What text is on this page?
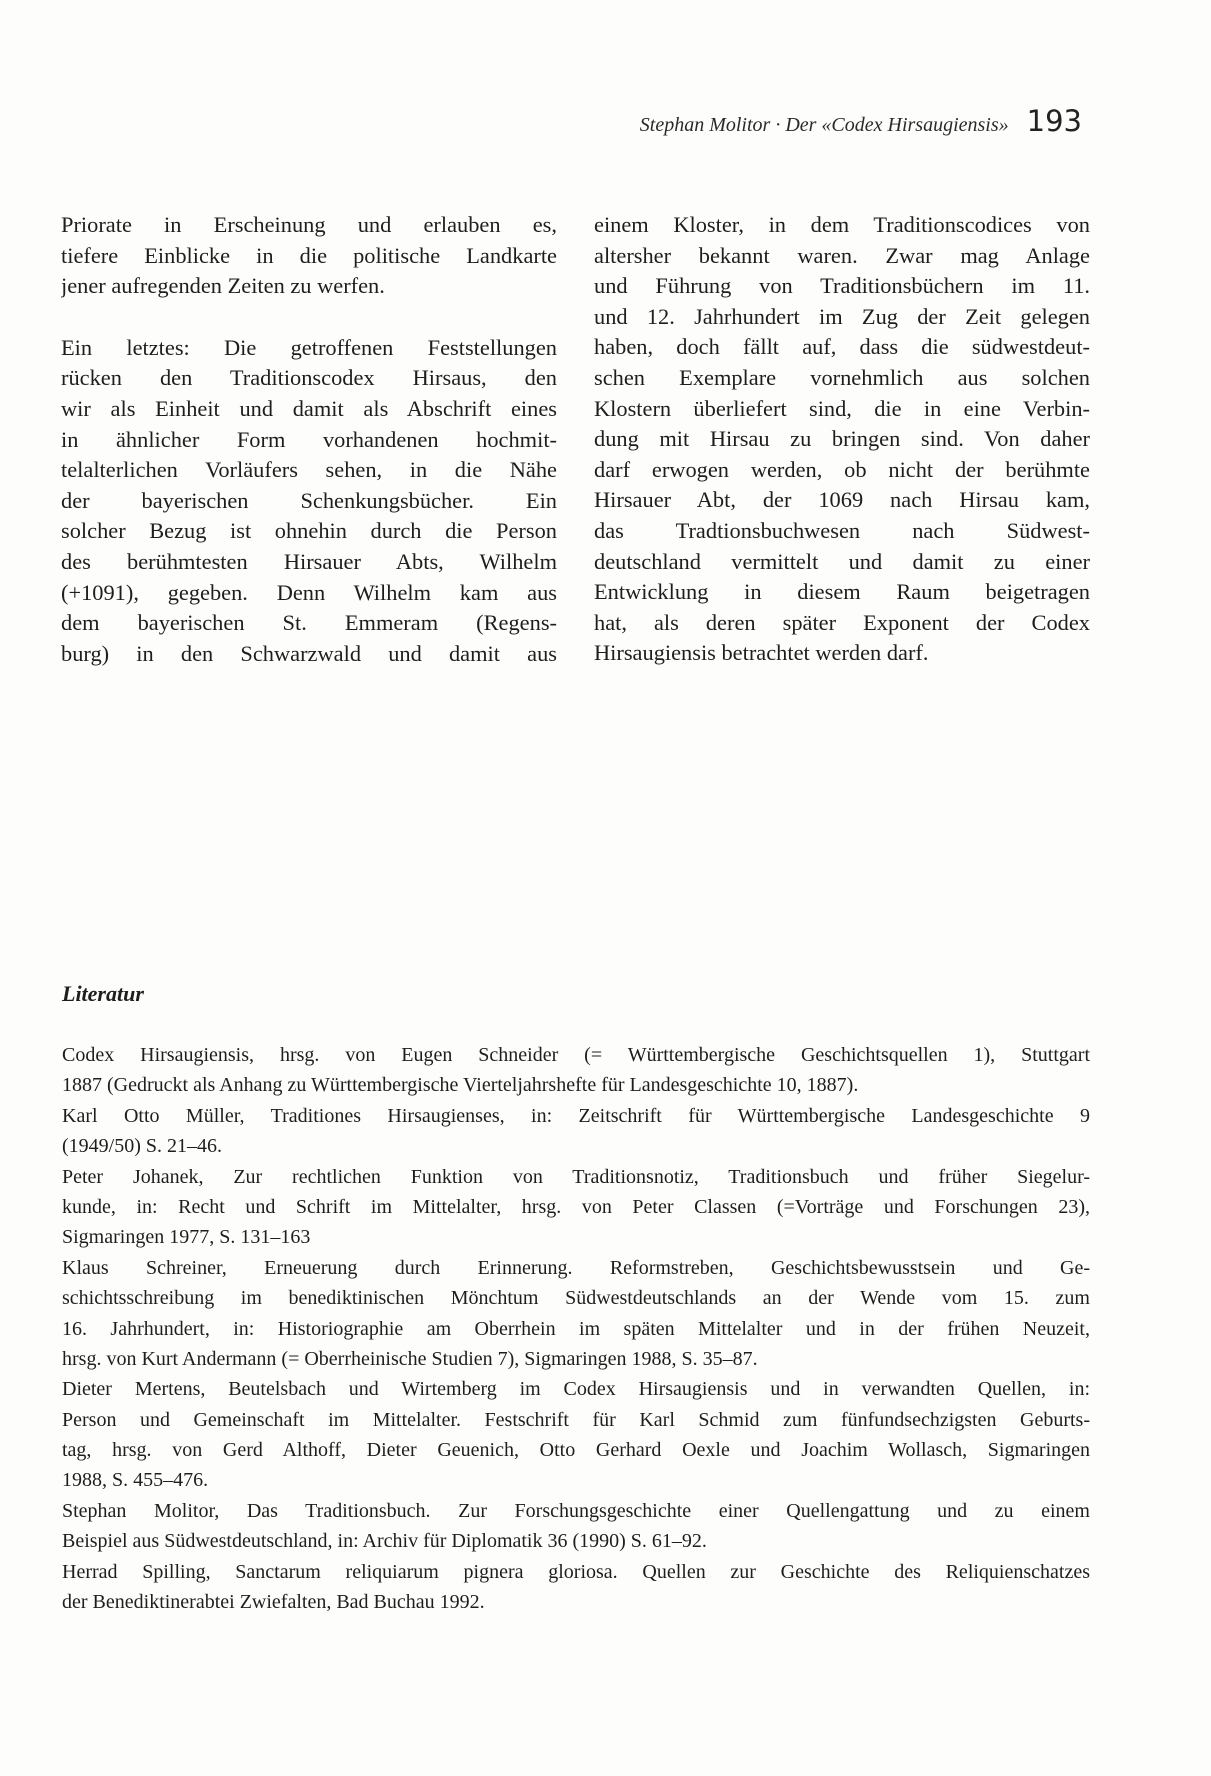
Stephan Molitor · Der «Codex Hirsaugiensis» 193
Priorate in Erscheinung und erlauben es,
tiefere Einblicke in die politische Landkarte
jener aufregenden Zeiten zu werfen.
Ein letztes: Die getroffenen Feststellungen
rücken den Traditionscodex Hirsaus, den
wir als Einheit und damit als Abschrift eines
in ähnlicher Form vorhandenen hochmit-
telalterlichen Vorläufers sehen, in die Nähe
der bayerischen Schenkungsbücher. Ein
solcher Bezug ist ohnehin durch die Person
des berühmtesten Hirsauer Abts, Wilhelm
(+1091), gegeben. Denn Wilhelm kam aus
dem bayerischen St. Emmeram (Regens-
burg) in den Schwarzwald und damit aus
einem Kloster, in dem Traditionscodices von
altersher bekannt waren. Zwar mag Anlage
und Führung von Traditionsbüchern im 11.
und 12. Jahrhundert im Zug der Zeit gelegen
haben, doch fällt auf, dass die südwestdeut-
schen Exemplare vornehmlich aus solchen
Klostern überliefert sind, die in eine Verbin-
dung mit Hirsau zu bringen sind. Von daher
darf erwogen werden, ob nicht der berühmte
Hirsauer Abt, der 1069 nach Hirsau kam,
das Tradtionsbuchwesen nach Südwest-
deutschland vermittelt und damit zu einer
Entwicklung in diesem Raum beigetragen
hat, als deren später Exponent der Codex
Hirsaugiensis betrachtet werden darf.
Literatur
Codex Hirsaugiensis, hrsg. von Eugen Schneider (= Württembergische Geschichtsquellen 1), Stuttgart
1887 (Gedruckt als Anhang zu Württembergische Vierteljahrshefte für Landesgeschichte 10, 1887).
Karl Otto Müller, Traditiones Hirsaugienses, in: Zeitschrift für Württembergische Landesgeschichte 9
(1949/50) S. 21–46.
Peter Johanek, Zur rechtlichen Funktion von Traditionsnotiz, Traditionsbuch und früher Siegelur-
kunde, in: Recht und Schrift im Mittelalter, hrsg. von Peter Classen (=Vorträge und Forschungen 23),
Sigmaringen 1977, S. 131–163
Klaus Schreiner, Erneuerung durch Erinnerung. Reformstreben, Geschichtsbewusstsein und Ge-
schichtsschreibung im benediktinischen Mönchtum Südwestdeutschlands an der Wende vom 15. zum
16. Jahrhundert, in: Historiographie am Oberrhein im späten Mittelalter und in der frühen Neuzeit,
hrsg. von Kurt Andermann (= Oberrheinische Studien 7), Sigmaringen 1988, S. 35–87.
Dieter Mertens, Beutelsbach und Wirtemberg im Codex Hirsaugiensis und in verwandten Quellen, in:
Person und Gemeinschaft im Mittelalter. Festschrift für Karl Schmid zum fünfundsechzigsten Geburts-
tag, hrsg. von Gerd Althoff, Dieter Geuenich, Otto Gerhard Oexle und Joachim Wollasch, Sigmaringen
1988, S. 455–476.
Stephan Molitor, Das Traditionsbuch. Zur Forschungsgeschichte einer Quellengattung und zu einem
Beispiel aus Südwestdeutschland, in: Archiv für Diplomatik 36 (1990) S. 61–92.
Herrad Spilling, Sanctarum reliquiarum pignera gloriosa. Quellen zur Geschichte des Reliquienschatzes
der Benediktinerabtei Zwiefalten, Bad Buchau 1992.
